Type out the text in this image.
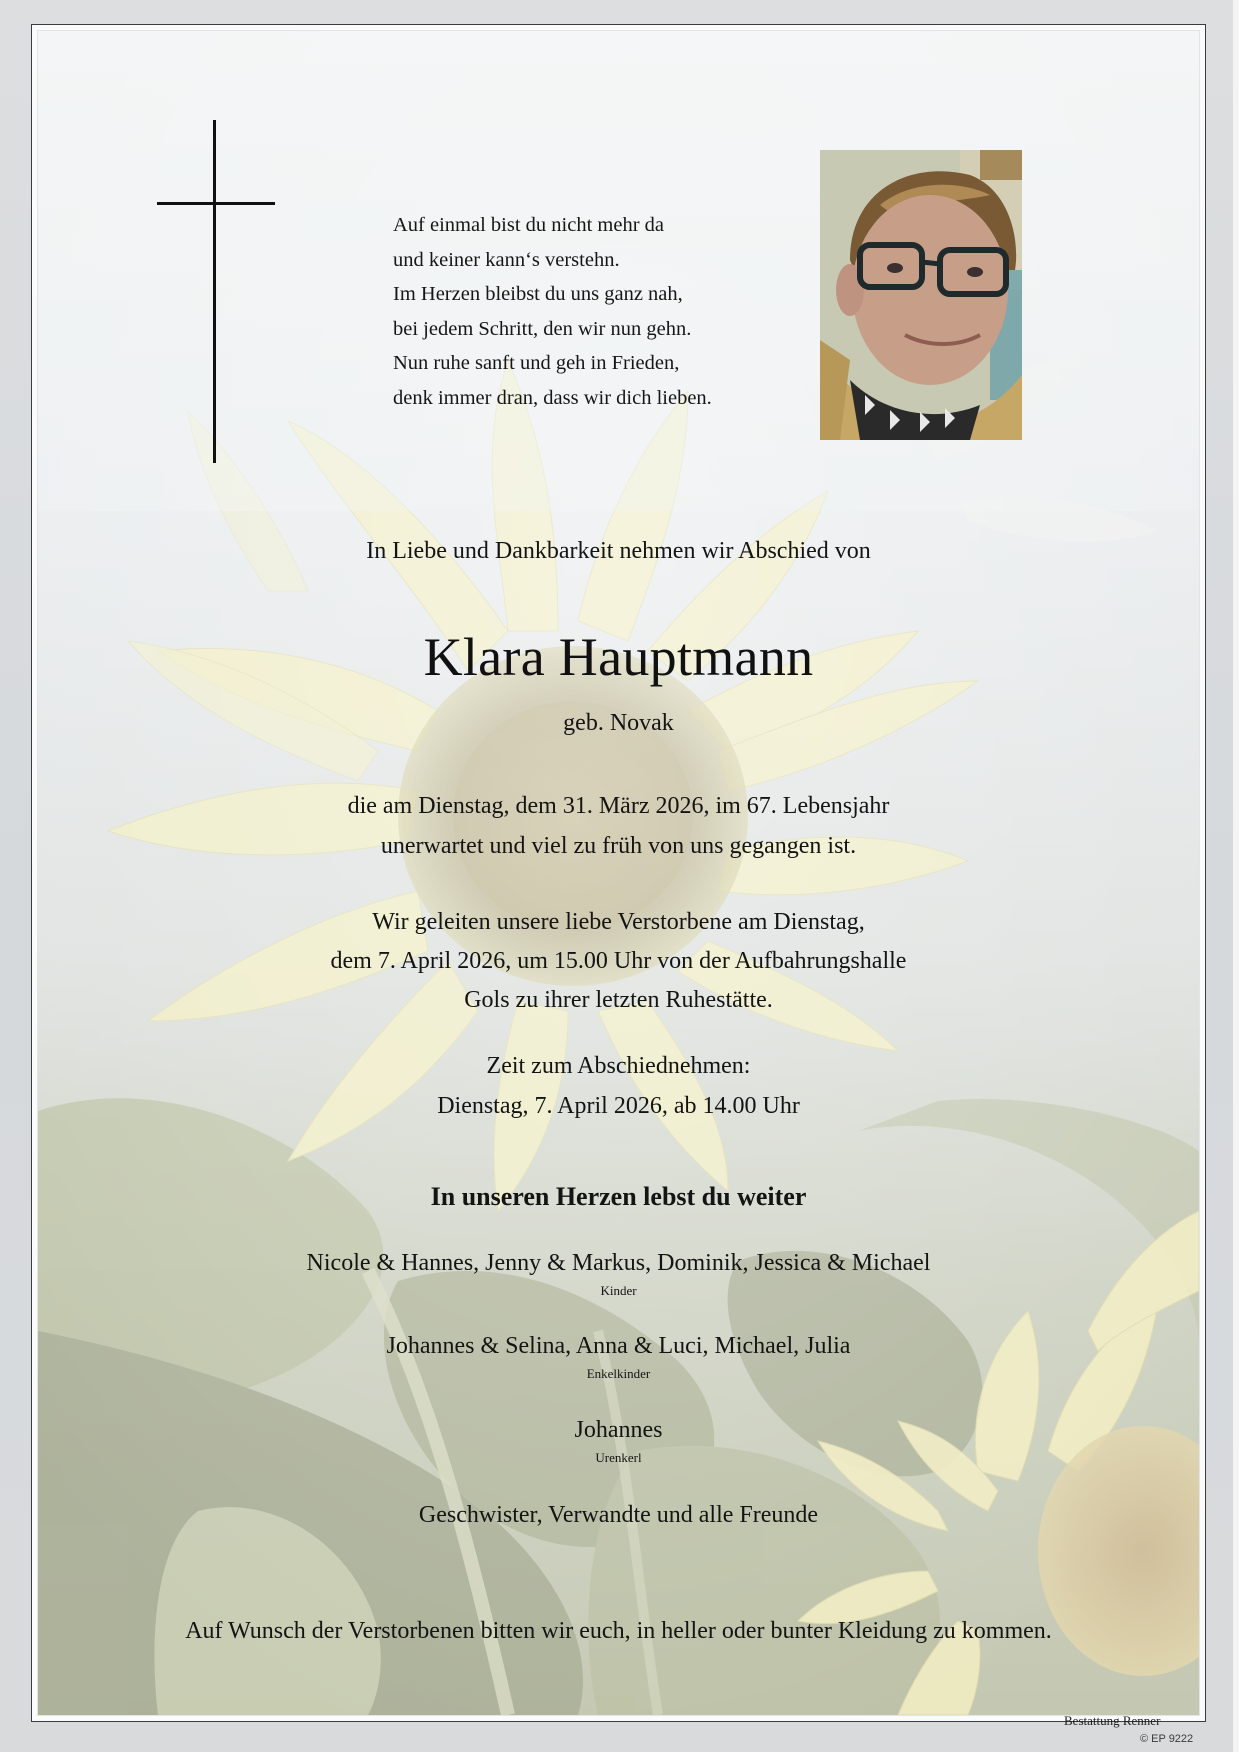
Auf einmal bist du nicht mehr da
und keiner kann‘s verstehn.
Im Herzen bleibst du uns ganz nah,
bei jedem Schritt, den wir nun gehn.
Nun ruhe sanft und geh in Frieden,
denk immer dran, dass wir dich lieben.
In Liebe und Dankbarkeit nehmen wir Abschied von
Klara Hauptmann
geb. Novak
die am Dienstag, dem 31. März 2026, im 67. Lebensjahr
unerwartet und viel zu früh von uns gegangen ist.
Wir geleiten unsere liebe Verstorbene am Dienstag,
dem 7. April 2026, um 15.00 Uhr von der Aufbahrungshalle
Gols zu ihrer letzten Ruhestätte.
Zeit zum Abschiednehmen:
Dienstag, 7. April 2026, ab 14.00 Uhr
In unseren Herzen lebst du weiter
Nicole & Hannes, Jenny & Markus, Dominik, Jessica & Michael
Kinder
Johannes & Selina, Anna & Luci, Michael, Julia
Enkelkinder
Johannes
Urenkerl
Geschwister, Verwandte und alle Freunde
Auf Wunsch der Verstorbenen bitten wir euch, in heller oder bunter Kleidung zu kommen.
Bestattung Renner
© EP 9222
